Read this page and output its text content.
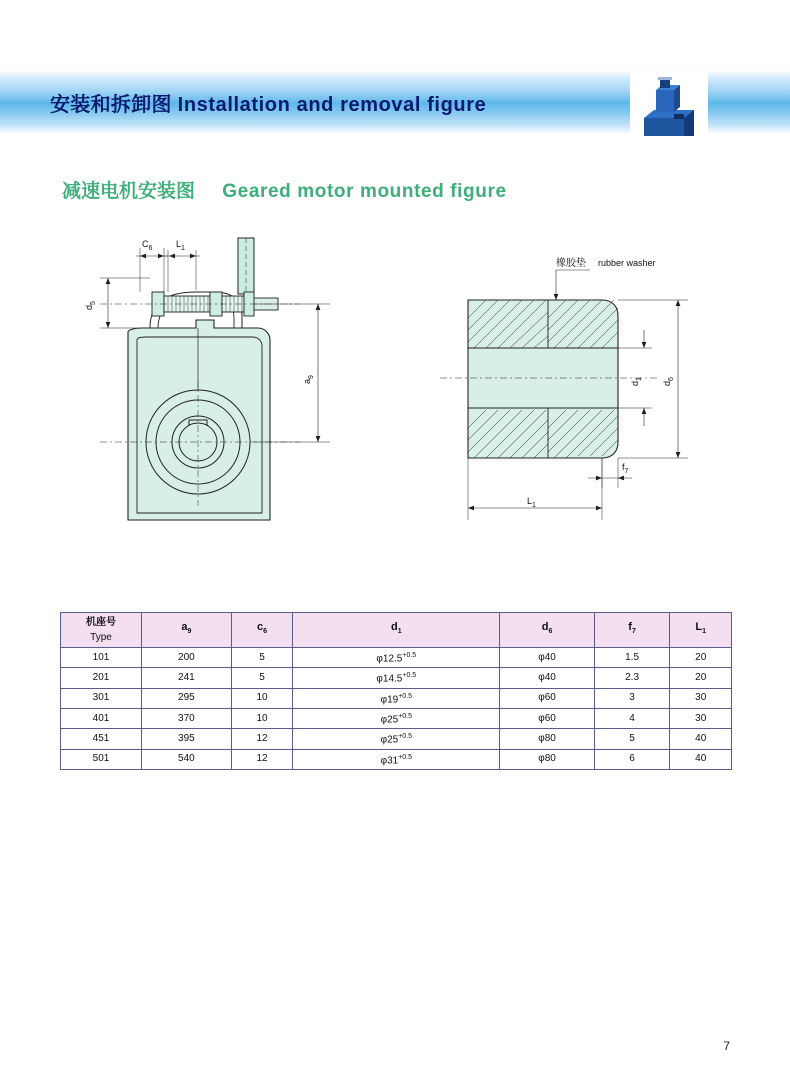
安装和拆卸图 Installation and removal figure
减速电机安装图 Geared motor mounted figure
$C_6$	$L_1$
$d_5$
$a_9$
橡胶垫 rubber washer
$d_1$
$d_6$
$f_7$
$L_1$
机座号
Type	$a_9$	$c_6$	$d_1$	$d_6$	$f_7$	$L_1$
101	200	5	$\varphi 12.5^{+0.5}$	φ40	1.5	20
201	241	5	$\varphi 14.5^{+0.5}$	φ40	2.3	20
301	295	10	$\varphi 19^{+0.5}$	φ60	3	30
401	370	10	$\varphi 25^{+0.5}$	φ60	4	30
451	395	12	$\varphi 25^{+0.5}$	φ80	5	40
501	540	12	$\varphi 31^{+0.5}$	φ80	6	40
7
